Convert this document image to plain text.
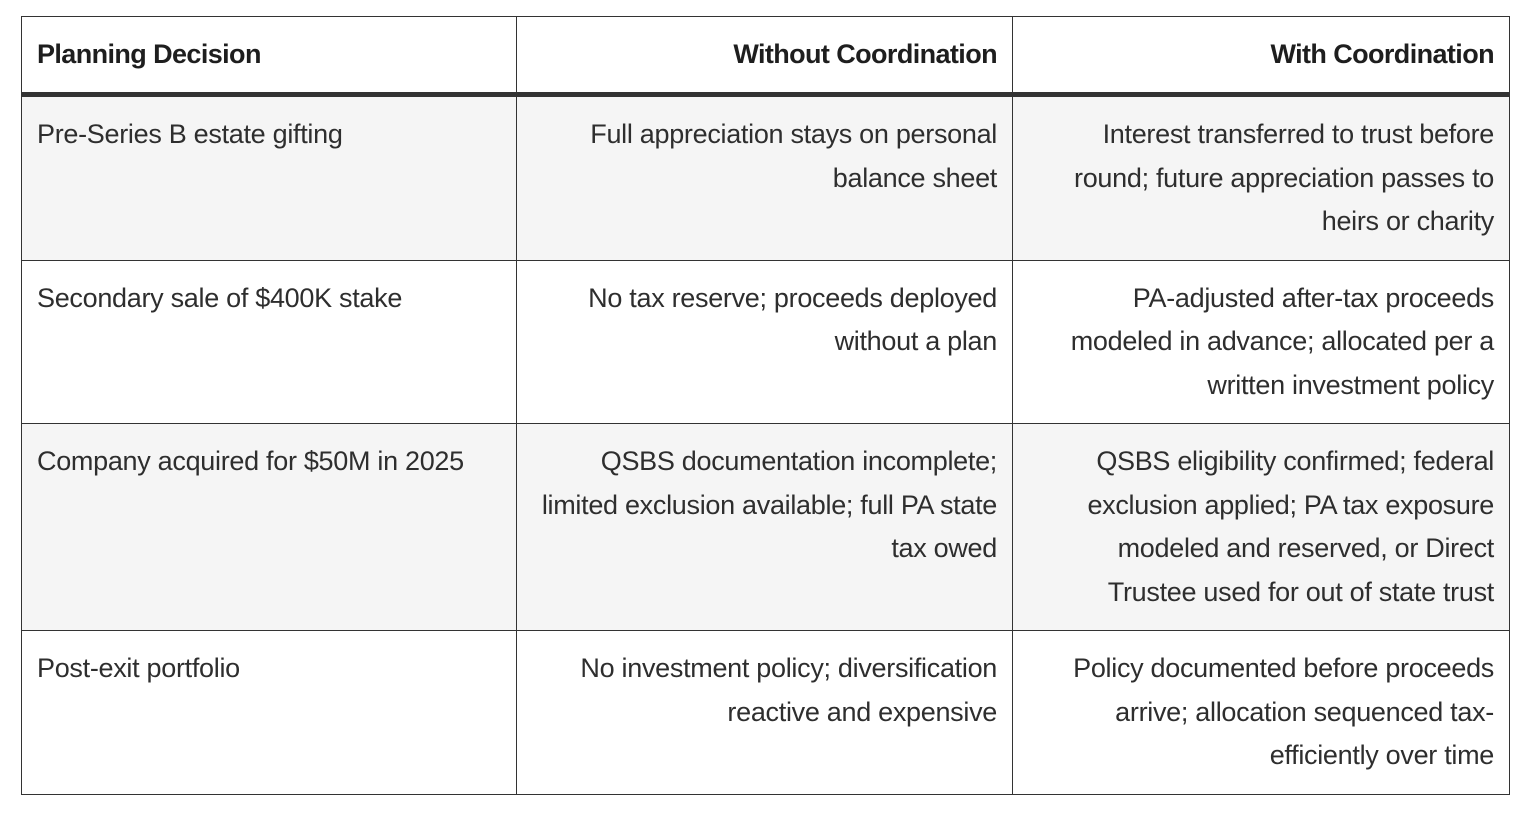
Planning Decision	Without Coordination	With Coordination
Pre-Series B estate gifting	Full appreciation stays on personal balance sheet	Interest transferred to trust before round; future appreciation passes to heirs or charity
Secondary sale of $400K stake	No tax reserve; proceeds deployed without a plan	PA-adjusted after-tax proceeds modeled in advance; allocated per a written investment policy
Company acquired for $50M in 2025	QSBS documentation incomplete; limited exclusion available; full PA state tax owed	QSBS eligibility confirmed; federal exclusion applied; PA tax exposure modeled and reserved, or Direct Trustee used for out of state trust
Post-exit portfolio	No investment policy; diversification reactive and expensive	Policy documented before proceeds arrive; allocation sequenced tax-efficiently over time
